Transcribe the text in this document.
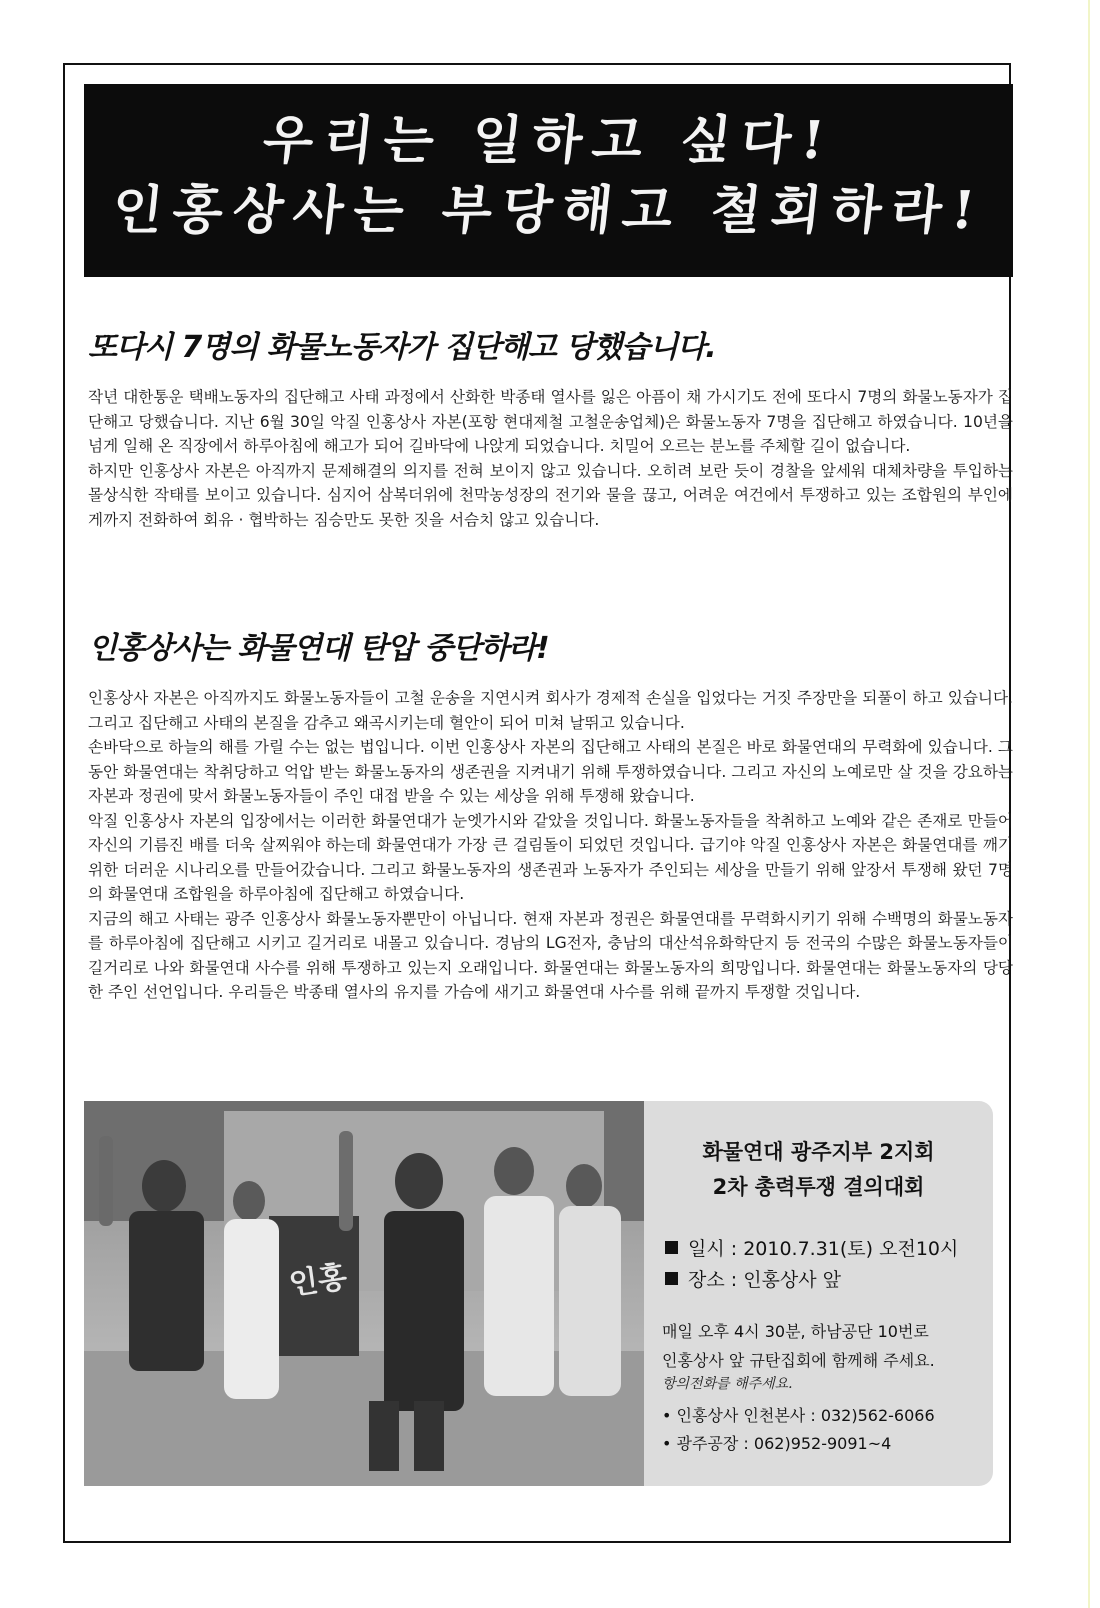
우리는 일하고 싶다!
인홍상사는 부당해고 철회하라!
또다시 7명의 화물노동자가 집단해고 당했습니다.

작년 대한통운 택배노동자의 집단해고 사태 과정에서 산화한 박종태 열사를 잃은 아픔이 채 가시기도 전에 또다시 7명의 화물노동자가 집단해고 당했습니다. 지난 6월 30일 악질 인홍상사 자본(포항 현대제철 고철운송업체)은 화물노동자 7명을 집단해고 하였습니다. 10년을 넘게 일해 온 직장에서 하루아침에 해고가 되어 길바닥에 나앉게 되었습니다. 치밀어 오르는 분노를 주체할 길이 없습니다.

하지만 인홍상사 자본은 아직까지 문제해결의 의지를 전혀 보이지 않고 있습니다. 오히려 보란 듯이 경찰을 앞세워 대체차량을 투입하는 몰상식한 작태를 보이고 있습니다. 심지어 삼복더위에 천막농성장의 전기와 물을 끊고, 어려운 여건에서 투쟁하고 있는 조합원의 부인에게까지 전화하여 회유 · 협박하는 짐승만도 못한 짓을 서슴치 않고 있습니다.

인홍상사는 화물연대 탄압 중단하라!

인홍상사 자본은 아직까지도 화물노동자들이 고철 운송을 지연시켜 회사가 경제적 손실을 입었다는 거짓 주장만을 되풀이 하고 있습니다. 그리고 집단해고 사태의 본질을 감추고 왜곡시키는데 혈안이 되어 미쳐 날뛰고 있습니다.

손바닥으로 하늘의 해를 가릴 수는 없는 법입니다. 이번 인홍상사 자본의 집단해고 사태의 본질은 바로 화물연대의 무력화에 있습니다. 그동안 화물연대는 착취당하고 억압 받는 화물노동자의 생존권을 지켜내기 위해 투쟁하였습니다. 그리고 자신의 노예로만 살 것을 강요하는 자본과 정권에 맞서 화물노동자들이 주인 대접 받을 수 있는 세상을 위해 투쟁해 왔습니다.

악질 인홍상사 자본의 입장에서는 이러한 화물연대가 눈엣가시와 같았을 것입니다. 화물노동자들을 착취하고 노예와 같은 존재로 만들어 자신의 기름진 배를 더욱 살찌워야 하는데 화물연대가 가장 큰 걸림돌이 되었던 것입니다. 급기야 악질 인홍상사 자본은 화물연대를 깨기 위한 더러운 시나리오를 만들어갔습니다. 그리고 화물노동자의 생존권과 노동자가 주인되는 세상을 만들기 위해 앞장서 투쟁해 왔던 7명의 화물연대 조합원을 하루아침에 집단해고 하였습니다.

지금의 해고 사태는 광주 인홍상사 화물노동자뿐만이 아닙니다. 현재 자본과 정권은 화물연대를 무력화시키기 위해 수백명의 화물노동자를 하루아침에 집단해고 시키고 길거리로 내몰고 있습니다. 경남의 LG전자, 충남의 대산석유화학단지 등 전국의 수많은 화물노동자들이 길거리로 나와 화물연대 사수를 위해 투쟁하고 있는지 오래입니다. 화물연대는 화물노동자의 희망입니다. 화물연대는 화물노동자의 당당한 주인 선언입니다. 우리들은 박종태 열사의 유지를 가슴에 새기고 화물연대 사수를 위해 끝까지 투쟁할 것입니다.

인홍
화물연대 광주지부 2지회
2차 총력투쟁 결의대회
일시 : 2010.7.31(토) 오전10시
장소 : 인홍상사 앞
매일 오후 4시 30분, 하남공단 10번로
인홍상사 앞 규탄집회에 함께해 주세요.
항의전화를 해주세요.
• 인홍상사 인천본사 : 032)562-6066
• 광주공장 : 062)952-9091~4
